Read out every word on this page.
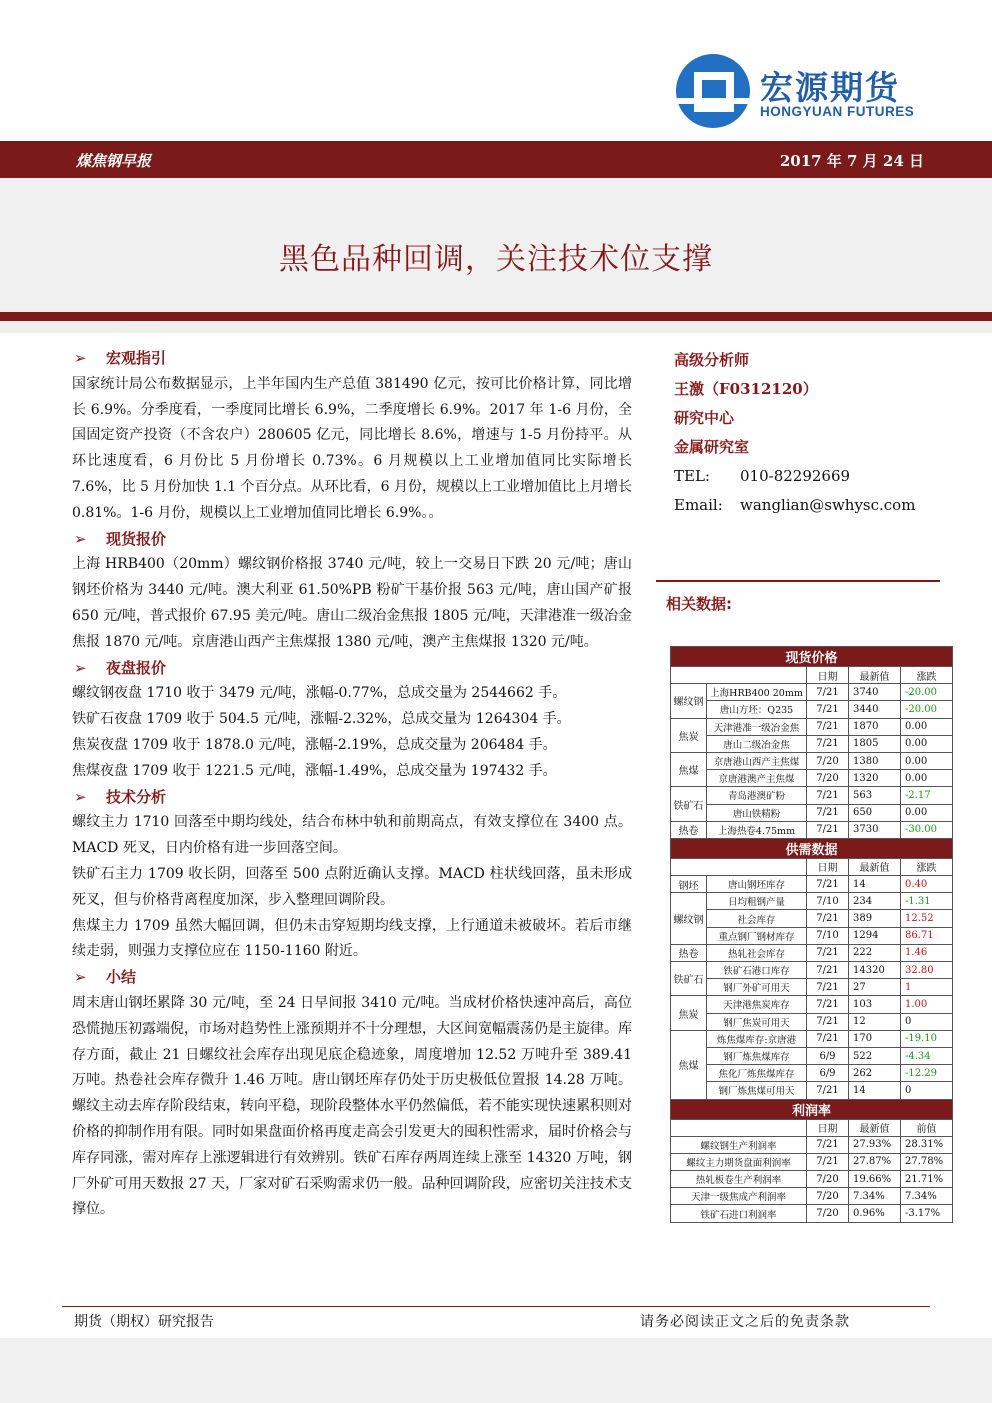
宏源期货
HONGYUAN FUTURES
煤焦钢早报	2017 年 7 月 24 日
黑色品种回调，关注技术位支撑
➢ 宏观指引
国家统计局公布数据显示，上半年国内生产总值 381490 亿元，按可比价格计算，同比增长 6.9%。分季度看，一季度同比增长 6.9%，二季度增长 6.9%。2017 年 1-6 月份，全国固定资产投资（不含农户）280605 亿元，同比增长 8.6%，增速与 1-5 月份持平。从环比速度看，6 月份比 5 月份增长 0.73%。6 月规模以上工业增加值同比实际增长 7.6%，比 5 月份加快 1.1 个百分点。从环比看，6 月份，规模以上工业增加值比上月增长 0.81%。1-6 月份，规模以上工业增加值同比增长 6.9%。。
➢ 现货报价
上海 HRB400（20mm）螺纹钢价格报 3740 元/吨，较上一交易日下跌 20 元/吨；唐山钢坯价格为 3440 元/吨。澳大利亚 61.50%PB 粉矿干基价报 563 元/吨，唐山国产矿报 650 元/吨，普式报价 67.95 美元/吨。唐山二级冶金焦报 1805 元/吨，天津港准一级冶金焦报 1870 元/吨。京唐港山西产主焦煤报 1380 元/吨，澳产主焦煤报 1320 元/吨。
➢ 夜盘报价
螺纹钢夜盘 1710 收于 3479 元/吨，涨幅-0.77%，总成交量为 2544662 手。
铁矿石夜盘 1709 收于 504.5 元/吨，涨幅-2.32%，总成交量为 1264304 手。
焦炭夜盘 1709 收于 1878.0 元/吨，涨幅-2.19%，总成交量为 206484 手。
焦煤夜盘 1709 收于 1221.5 元/吨，涨幅-1.49%，总成交量为 197432 手。
➢ 技术分析
螺纹主力 1710 回落至中期均线处，结合布林中轨和前期高点，有效支撑位在 3400 点。MACD 死叉，日内价格有进一步回落空间。
铁矿石主力 1709 收长阴，回落至 500 点附近确认支撑。MACD 柱状线回落，虽未形成死叉，但与价格背离程度加深，步入整理回调阶段。
焦煤主力 1709 虽然大幅回调，但仍未击穿短期均线支撑，上行通道未被破坏。若后市继续走弱，则强力支撑位应在 1150-1160 附近。
➢ 小结
周末唐山钢坯累降 30 元/吨，至 24 日早间报 3410 元/吨。当成材价格快速冲高后，高位恐慌抛压初露端倪，市场对趋势性上涨预期并不十分理想，大区间宽幅震荡仍是主旋律。库存方面，截止 21 日螺纹社会库存出现见底企稳迹象，周度增加 12.52 万吨升至 389.41 万吨。热卷社会库存微升 1.46 万吨。唐山钢坯库存仍处于历史极低位置报 14.28 万吨。螺纹主动去库存阶段结束，转向平稳，现阶段整体水平仍然偏低，若不能实现快速累积则对价格的抑制作用有限。同时如果盘面价格再度走高会引发更大的囤积性需求，届时价格会与库存同涨，需对库存上涨逻辑进行有效辨别。铁矿石库存两周连续上涨至 14320 万吨，钢厂外矿可用天数报 27 天，厂家对矿石采购需求仍一般。品种回调阶段，应密切关注技术支撑位。
高级分析师
王激（F0312120）
研究中心
金属研究室
TEL: 010-82292669
Email: wanglian@swhysc.com
相关数据:
现货价格				
		日期	最新值	涨跌
螺纹钢	上海HRB400 20mm	7/21	3740	-20.00
	唐山方坯：Q235	7/21	3440	-20.00
焦炭	天津港准一级冶金焦	7/21	1870	0.00
	唐山二级冶金焦	7/21	1805	0.00
焦煤	京唐港山西产主焦煤	7/20	1380	0.00
	京唐港澳产主焦煤	7/20	1320	0.00
铁矿石	青岛港澳矿粉	7/21	563	-2.17
	唐山铁精粉	7/21	650	0.00
热卷	上海热卷4.75mm	7/21	3730	-30.00
供需数据				
		日期	最新值	涨跌
钢坯	唐山钢坯库存	7/21	14	0.40
螺纹钢	日均粗钢产量	7/10	234	-1.31
	社会库存	7/21	389	12.52
	重点钢厂钢材库存	7/10	1294	86.71
热卷	热轧社会库存	7/21	222	1.46
铁矿石	铁矿石港口库存	7/21	14320	32.80
	钢厂外矿可用天	7/21	27	1
焦炭	天津港焦炭库存	7/21	103	1.00
	钢厂焦炭可用天	7/21	12	0
焦煤	炼焦煤库存:京唐港	7/21	170	-19.10
	钢厂炼焦煤库存	6/9	522	-4.34
	焦化厂炼焦煤库存	6/9	262	-12.29
	钢厂炼焦煤可用天	7/21	14	0
利润率				
		日期	最新值	前值
螺纹钢生产利润率		7/21	27.93%	28.31%
螺纹主力期货盘面利润率		7/21	27.87%	27.78%
热轧板卷生产利润率		7/20	19.66%	21.71%
天津一级焦成产利润率		7/20	7.34%	7.34%
铁矿石进口利润率		7/20	0.96%	-3.17%
期货（期权）研究报告	请务必阅读正文之后的免责条款
